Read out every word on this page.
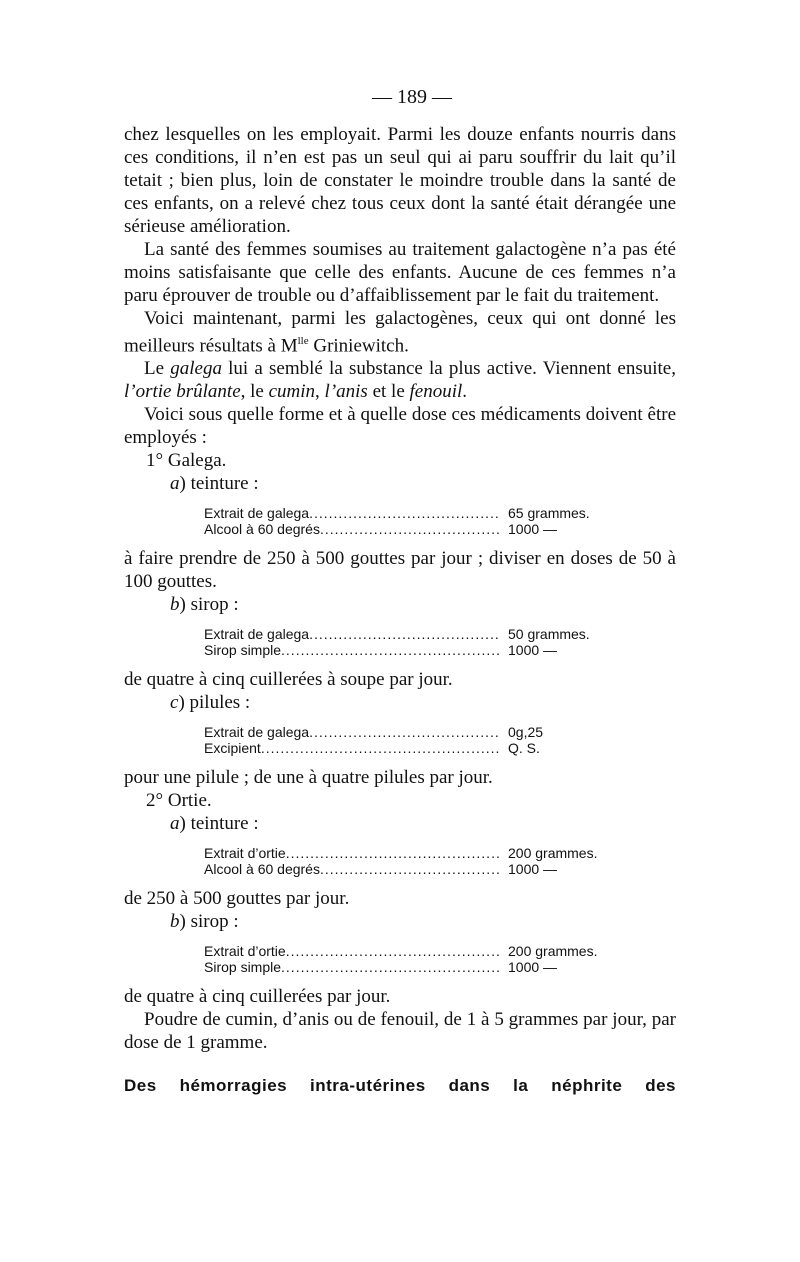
— 189 —

chez lesquelles on les employait. Parmi les douze enfants nourris dans ces conditions, il n’en est pas un seul qui ai paru souffrir du lait qu’il tetait ; bien plus, loin de constater le moindre trouble dans la santé de ces enfants, on a relevé chez tous ceux dont la santé était dérangée une sérieuse amélioration.

La santé des femmes soumises au traitement galactogène n’a pas été moins satisfaisante que celle des enfants. Aucune de ces femmes n’a paru éprouver de trouble ou d’affaiblissement par le fait du traitement.

Voici maintenant, parmi les galactogènes, ceux qui ont donné les meilleurs résultats à $M^{lle}$ Griniewitch.

Le galega lui a semblé la substance la plus active. Viennent ensuite, l’ortie brûlante, le cumin, l’anis et le fenouil.

Voici sous quelle forme et à quelle dose ces médicaments doivent être employés :

1° Galega.

a) teinture :

Extrait de galega .....	65 grammes.
Alcool à 60 degrés .....	1000 —

à faire prendre de 250 à 500 gouttes par jour ; diviser en doses de 50 à 100 gouttes.

b) sirop :

Extrait de galega .....	50 grammes.
Sirop simple .....	1000 —

de quatre à cinq cuillerées à soupe par jour.

c) pilules :

Extrait de galega .....	0g,25
Excipient .....	Q. S.

pour une pilule ; de une à quatre pilules par jour.

2° Ortie.

a) teinture :

Extrait d’ortie .....	200 grammes.
Alcool à 60 degrés .....	1000 —

de 250 à 500 gouttes par jour.

b) sirop :

Extrait d’ortie .....	200 grammes.
Sirop simple .....	1000 —

de quatre à cinq cuillerées par jour.

Poudre de cumin, d’anis ou de fenouil, de 1 à 5 grammes par jour, par dose de 1 gramme.

Des hémorragies intra-utérines dans la néphrite des
